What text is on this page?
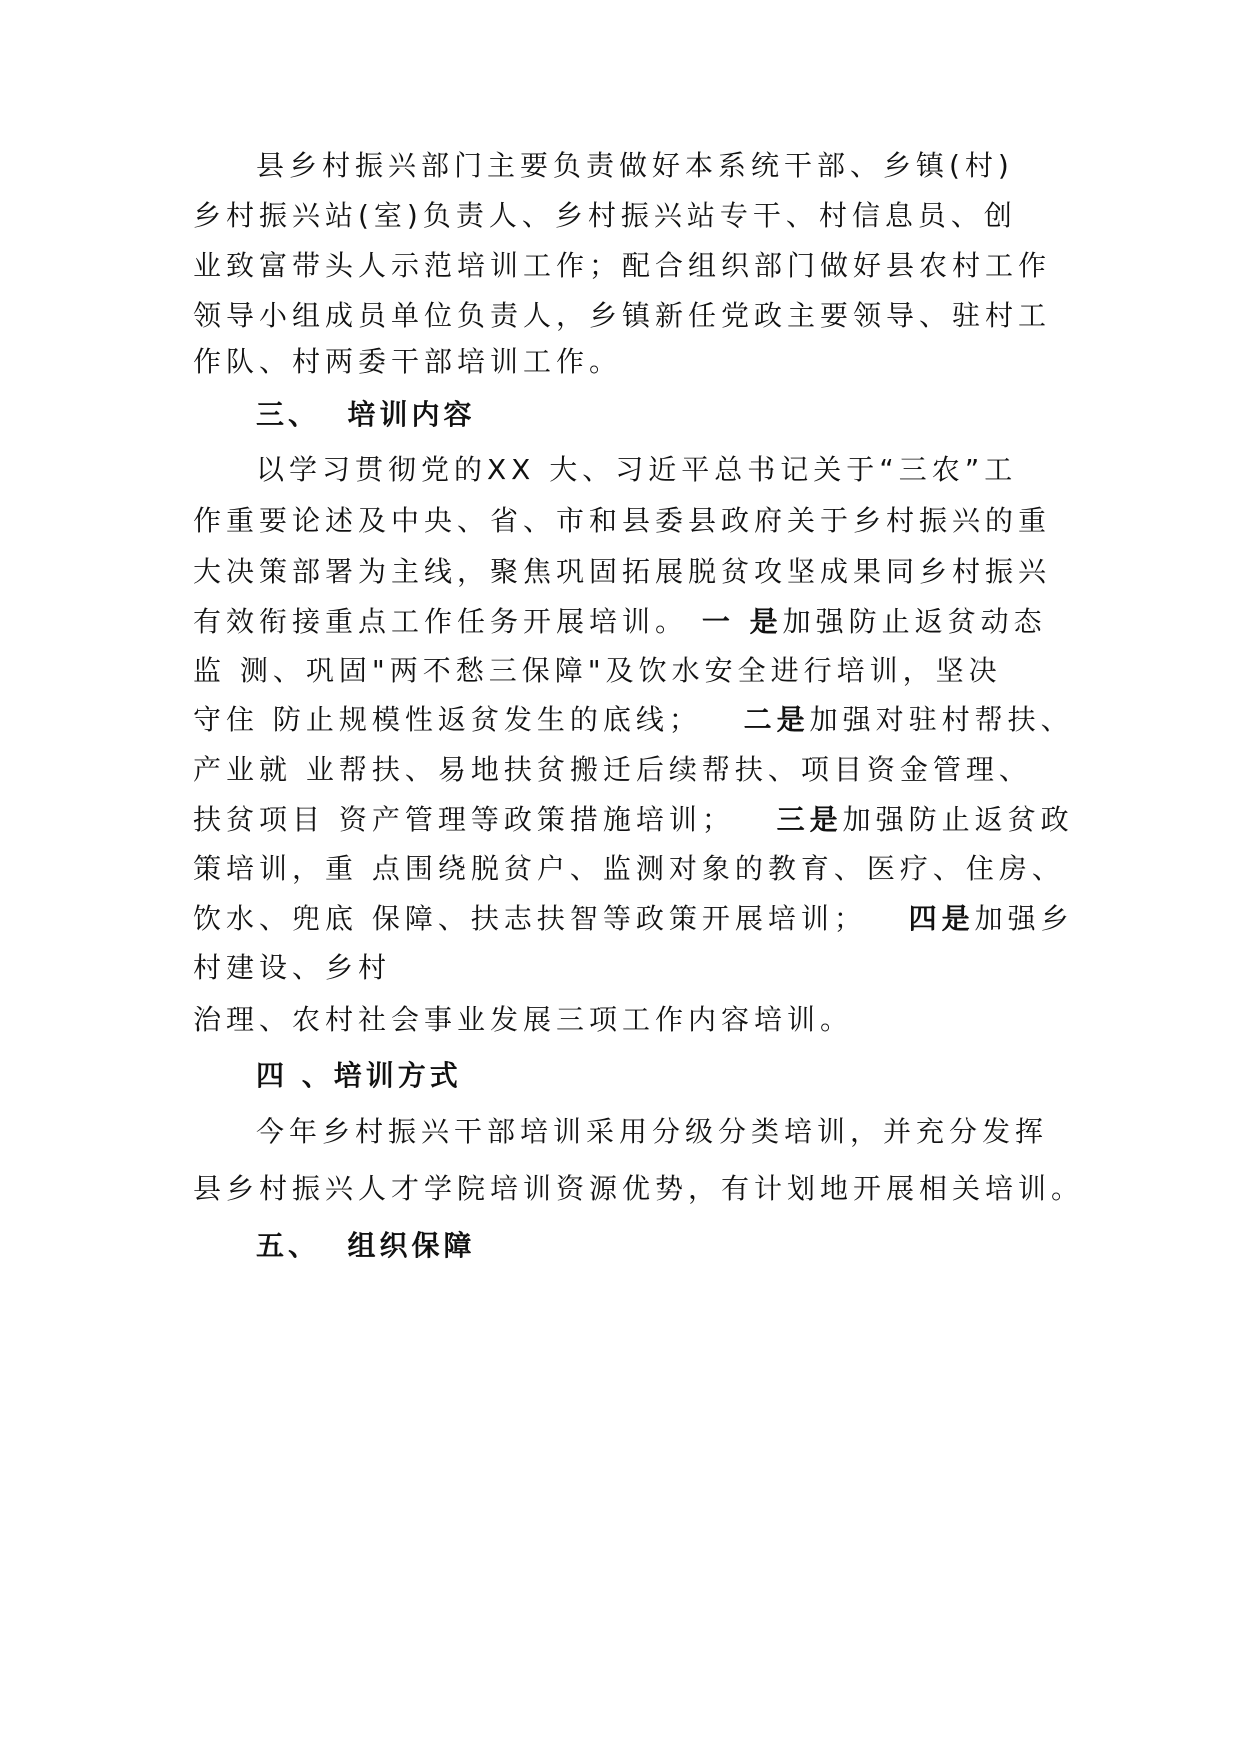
县乡村振兴部门主要负责做好本系统干部、乡镇(村)
乡村振兴站(室)负责人、乡村振兴站专干、村信息员、创
业致富带头人示范培训工作；配合组织部门做好县农村工作
领导小组成员单位负责人，乡镇新任党政主要领导、驻村工
作队、村两委干部培训工作。
三、  培训内容
以学习贯彻党的XX 大、习近平总书记关于“三农”工
作重要论述及中央、省、市和县委县政府关于乡村振兴的重
大决策部署为主线，聚焦巩固拓展脱贫攻坚成果同乡村振兴
有效衔接重点工作任务开展培训。 一 是加强防止返贫动态
监 测、巩固"两不愁三保障"及饮水安全进行培训，坚决
守住 防止规模性返贫发生的底线；   二是加强对驻村帮扶、
产业就 业帮扶、易地扶贫搬迁后续帮扶、项目资金管理、
扶贫项目 资产管理等政策措施培训；   三是加强防止返贫政
策培训，重 点围绕脱贫户、监测对象的教育、医疗、住房、
饮水、兜底 保障、扶志扶智等政策开展培训；   四是加强乡
村建设、乡村
治理、农村社会事业发展三项工作内容培训。
四 、培训方式
今年乡村振兴干部培训采用分级分类培训，并充分发挥
县乡村振兴人才学院培训资源优势，有计划地开展相关培训。
五、  组织保障
